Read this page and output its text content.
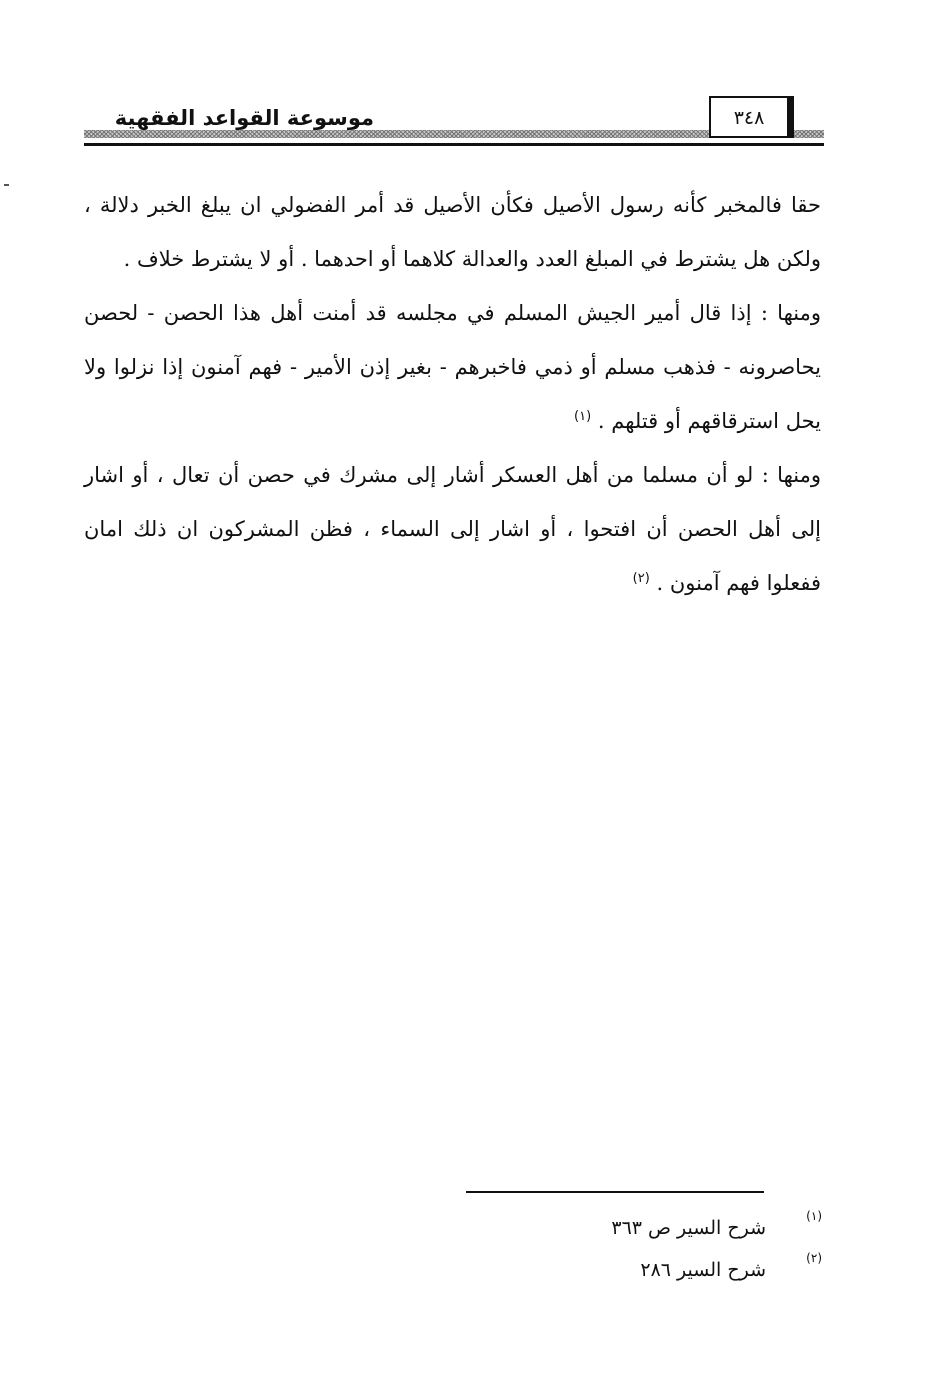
موسوعة القواعد الفقهية	٣٤٨

حقا فالمخبر كأنه رسول الأصيل فكأن الأصيل قد أمر الفضولي ان يبلغ الخبر دلالة ، ولكن هل يشترط في المبلغ العدد والعدالة كلاهما أو احدهما . أو لا يشترط خلاف .

ومنها : إذا قال أمير الجيش المسلم في مجلسه قد أمنت أهل هذا الحصن - لحصن يحاصرونه - فذهب مسلم أو ذمي فاخبرهم - بغير إذن الأمير - فهم آمنون إذا نزلوا ولا يحل استرقاقهم أو قتلهم . $^{(١)}$

ومنها : لو أن مسلما من أهل العسكر أشار إلى مشرك في حصن أن تعال ، أو اشار إلى أهل الحصن أن افتحوا ، أو اشار إلى السماء ، فظن المشركون ان ذلك امان ففعلوا فهم آمنون . $^{(٢)}$

(١)
شرح السير ص ٣٦٣
(٢)
شرح السير ٢٨٦
